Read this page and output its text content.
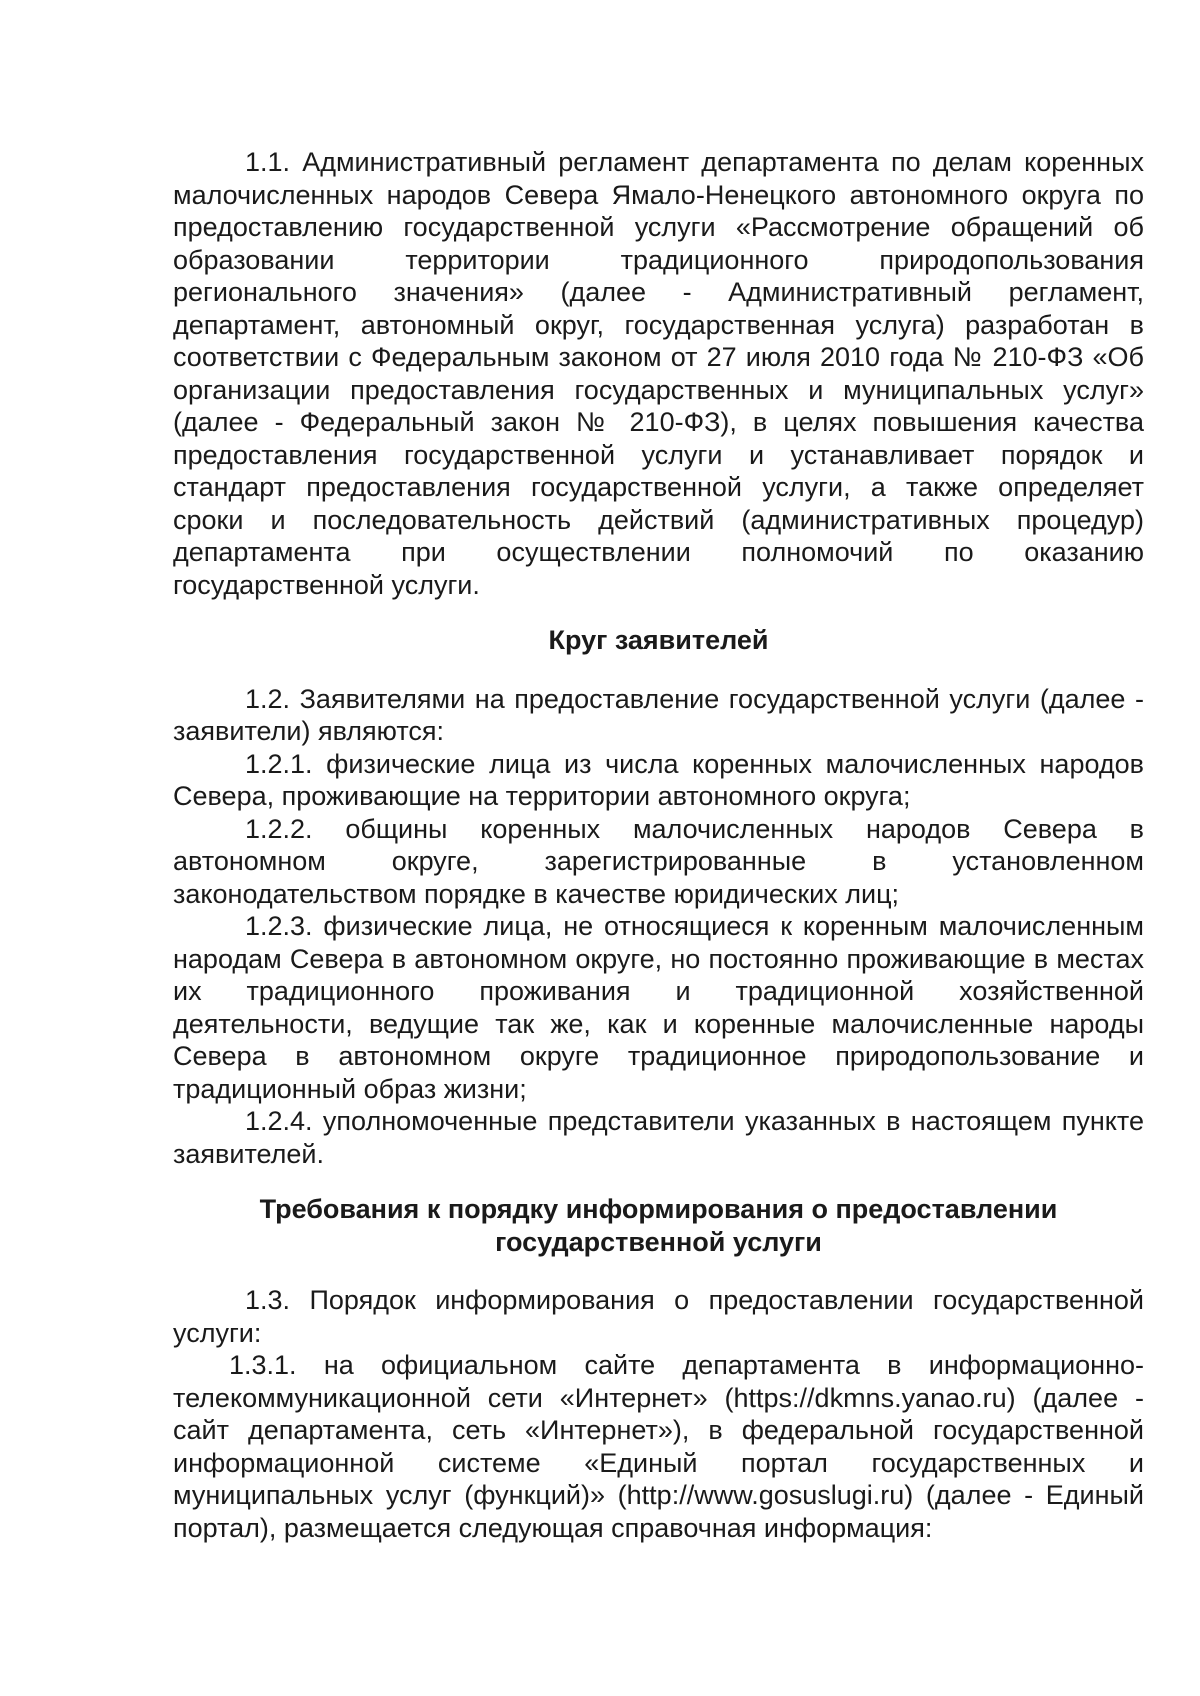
1.1. Административный регламент департамента по делам коренных малочисленных народов Севера Ямало-Ненецкого автономного округа по предоставлению государственной услуги «Рассмотрение обращений об образовании территории традиционного природопользования регионального значения» (далее - Административный регламент, департамент, автономный округ, государственная услуга) разработан в соответствии с Федеральным законом от 27 июля 2010 года № 210-ФЗ «Об организации предоставления государственных и муниципальных услуг» (далее - Федеральный закон № 210-ФЗ), в целях повышения качества предоставления государственной услуги и устанавливает порядок и стандарт предоставления государственной услуги, а также определяет сроки и последовательность действий (административных процедур) департамента при осуществлении полномочий по оказанию государственной услуги.

Круг заявителей

1.2. Заявителями на предоставление государственной услуги (далее - заявители) являются:

1.2.1. физические лица из числа коренных малочисленных народов Севера, проживающие на территории автономного округа;

1.2.2. общины коренных малочисленных народов Севера в автономном округе, зарегистрированные в установленном законодательством порядке в качестве юридических лиц;

1.2.3. физические лица, не относящиеся к коренным малочисленным народам Севера в автономном округе, но постоянно проживающие в местах их традиционного проживания и традиционной хозяйственной деятельности, ведущие так же, как и коренные малочисленные народы Севера в автономном округе традиционное природопользование и традиционный образ жизни;

1.2.4. уполномоченные представители указанных в настоящем пункте заявителей.

Требования к порядку информирования о предоставлении
государственной услуги

1.3. Порядок информирования о предоставлении государственной услуги:

1.3.1. на официальном сайте департамента в информационно-телекоммуникационной сети «Интернет» (https://dkmns.yanao.ru) (далее - сайт департамента, сеть «Интернет»), в федеральной государственной информационной системе «Единый портал государственных и муниципальных услуг (функций)» (http://www.gosuslugi.ru) (далее - Единый портал), размещается следующая справочная информация:
